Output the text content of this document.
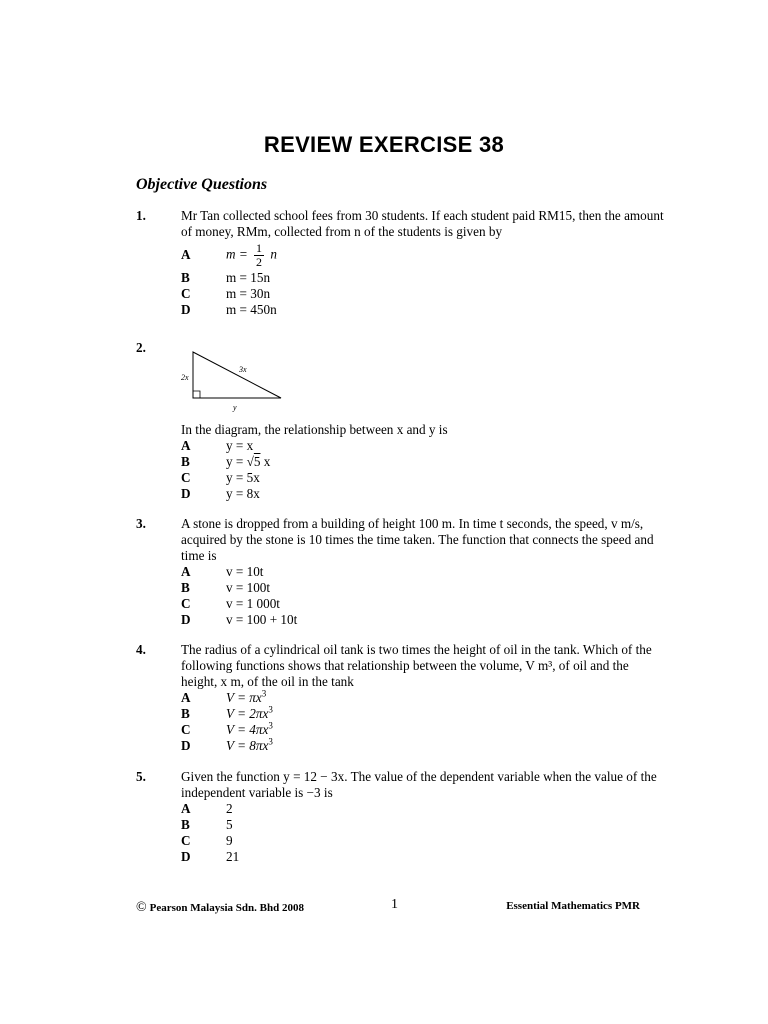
REVIEW EXERCISE 38
Objective Questions
1.	Mr Tan collected school fees from 30 students. If each student paid RM15, then the amount of money, RMm, collected from n of the students is given by
A	$m = \frac{1}{2}$ n
B	m = 15n
C	m = 30n
D	m = 450n
2.
2x
3x
y
In the diagram, the relationship between x and y is
A	y = x
B	y = √5 x
C	y = 5x
D	y = 8x
3.	A stone is dropped from a building of height 100 m. In time t seconds, the speed, v m/s, acquired by the stone is 10 times the time taken. The function that connects the speed and time is
A	v = 10t
B	v = 100t
C	v = 1 000t
D	v = 100 + 10t
4.	The radius of a cylindrical oil tank is two times the height of oil in the tank. Which of the following functions shows that relationship between the volume, V m³, of oil and the height, x m, of the oil in the tank
A	$V = \pi x^3$
B	$V = 2\pi x^3$
C	$V = 4\pi x^3$
D	$V = 8\pi x^3$
5.	Given the function y = 12 − 3x. The value of the dependent variable when the value of the independent variable is −3 is
A	2
B	5
C	9
D	21
© Pearson Malaysia Sdn. Bhd 2008	1	Essential Mathematics PMR
